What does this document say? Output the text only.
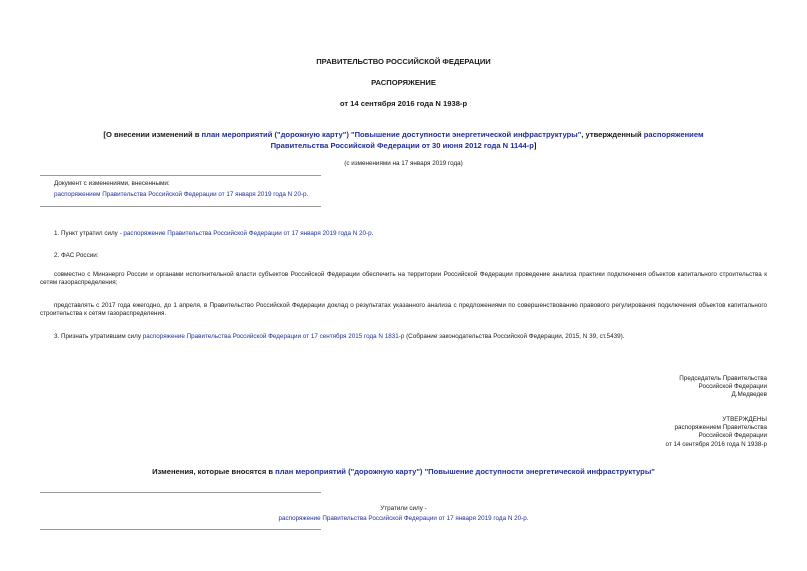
ПРАВИТЕЛЬСТВО РОССИЙСКОЙ ФЕДЕРАЦИИ
РАСПОРЯЖЕНИЕ
от 14 сентября 2016 года N 1938-р
[О внесении изменений в план мероприятий ("дорожную карту") "Повышение доступности энергетической инфраструктуры", утвержденный распоряжением
Правительства Российской Федерации от 30 июня 2012 года N 1144-р]
(с изменениями на 17 января 2019 года)
Документ с изменениями, внесенными:
распоряжением Правительства Российской Федерации от 17 января 2019 года N 20-р.
1. Пункт утратил силу - распоряжение Правительства Российской Федерации от 17 января 2019 года N 20-р.
2. ФАС России:
совместно с Минэнерго России и органами исполнительной власти субъектов Российской Федерации обеспечить на территории Российской Федерации проведение анализа практики подключения объектов капитального строительства к сетям газораспределения;
представлять с 2017 года ежегодно, до 1 апреля, в Правительство Российской Федерации доклад о результатах указанного анализа с предложениями по совершенствованию правового регулирования подключения объектов капитального строительства к сетям газораспределения.
3. Признать утратившим силу распоряжение Правительства Российской Федерации от 17 сентября 2015 года N 1831-р (Собрание законодательства Российской Федерации, 2015, N 39, ст.5439).
Председатель Правительства
Российской Федерации
Д.Медведев
УТВЕРЖДЕНЫ
распоряжением Правительства
Российской Федерации
от 14 сентября 2016 года N 1938-р
Изменения, которые вносятся в план мероприятий ("дорожную карту") "Повышение доступности энергетической инфраструктуры"
Утратили силу -
распоряжение Правительства Российской Федерации от 17 января 2019 года N 20-р.
